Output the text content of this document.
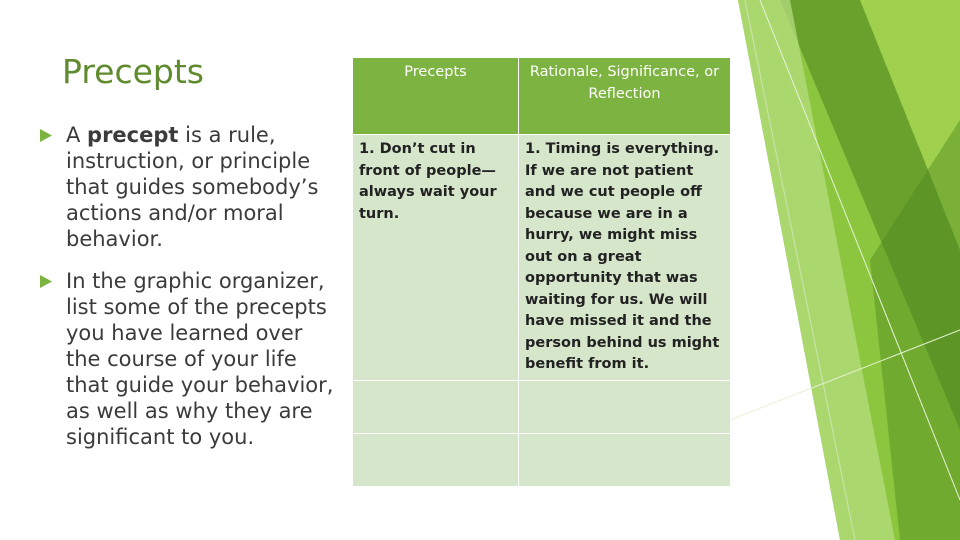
Precepts
A precept is a rule, instruction, or principle that guides somebody’s actions and/or moral behavior.
In the graphic organizer, list some of the precepts you have learned over the course of your life that guide your behavior, as well as why they are significant to you.
Precepts	Rationale, Significance, or Reflection
1. Don’t cut in front of people—always wait your turn.	1. Timing is everything. If we are not patient and we cut people off because we are in a hurry, we might miss out on a great opportunity that was waiting for us. We will have missed it and the person behind us might benefit from it.
